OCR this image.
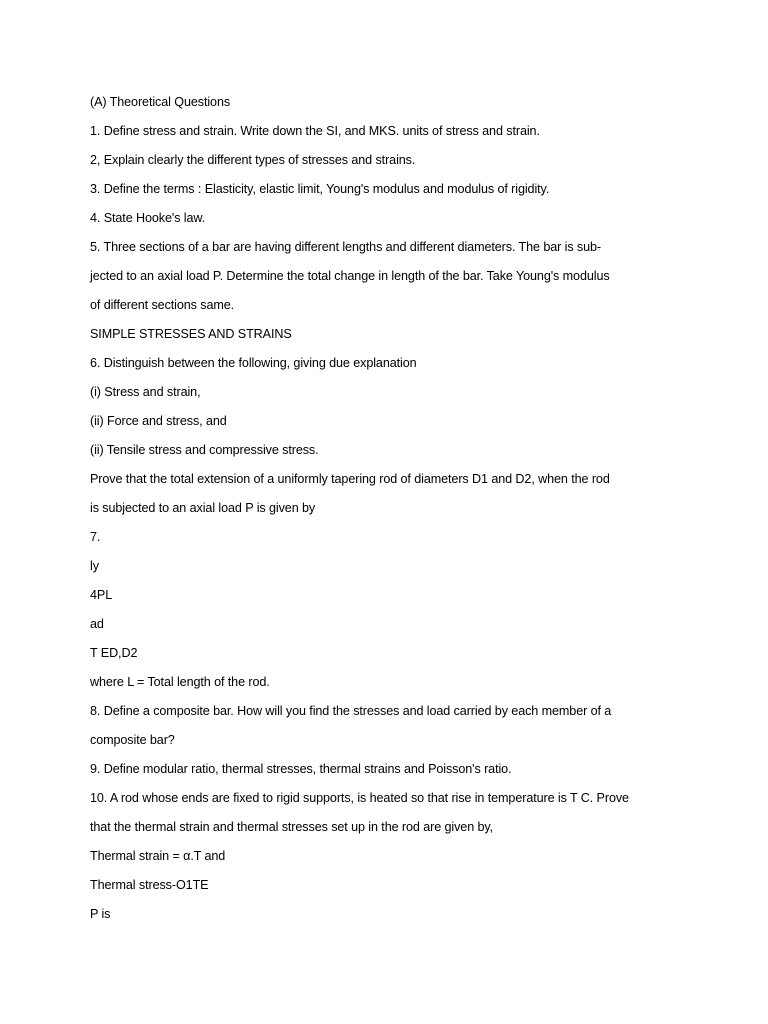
(A) Theoretical Questions
1. Define stress and strain. Write down the SI, and MKS. units of stress and strain.
2, Explain clearly the different types of stresses and strains.
3. Define the terms : Elasticity, elastic limit, Young's modulus and modulus of rigidity.
4. State Hooke's law.
5. Three sections of a bar are having different lengths and different diameters. The bar is sub-
jected to an axial load P. Determine the total change in length of the bar. Take Young's modulus
of different sections same.
SIMPLE STRESSES AND STRAINS
6. Distinguish between the following, giving due explanation
(i) Stress and strain,
(ii) Force and stress, and
(ii) Tensile stress and compressive stress.
Prove that the total extension of a uniformly tapering rod of diameters D1 and D2, when the rod
is subjected to an axial load P is given by
7.
ly
4PL
ad
T ED,D2
where L = Total length of the rod.
8. Define a composite bar. How will you find the stresses and load carried by each member of a
composite bar?
9. Define modular ratio, thermal stresses, thermal strains and Poisson's ratio.
10. A rod whose ends are fixed to rigid supports, is heated so that rise in temperature is T C. Prove
that the thermal strain and thermal stresses set up in the rod are given by,
Thermal strain = α.T and
Thermal stress-O1TE
P is
